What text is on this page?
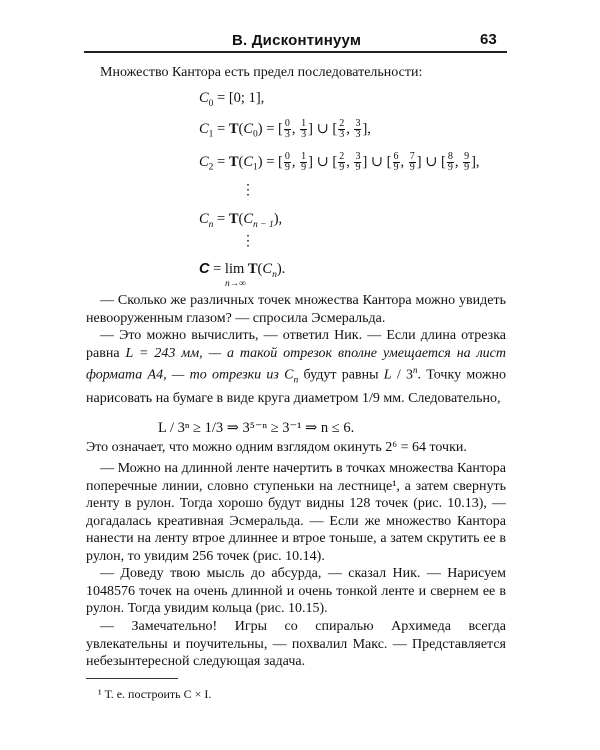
В. Дисконтинуум	63
Множество Кантора есть предел последовательности:
$C_0 = [0$; 1],
$C_1 = T(C_0)$ = [ $\frac{0}{3}$ , $\frac{1}{3}$ ] ∪ [ $\frac{2}{3}$ , $\frac{3}{3}$ ],
$C_2 = T(C_1)$ = [ $\frac{0}{9}$ , $\frac{1}{9}$ ] ∪ [ $\frac{2}{9}$ , $\frac{3}{9}$ ] ∪ [ $\frac{6}{9}$ , $\frac{7}{9}$ ] ∪ [ $\frac{8}{9}$ , $\frac{9}{9}$ ],
⋮
$C_n = T(C_{n - 1})$,
⋮
$C = \lim T(C_n)$.
n→∞
— Сколько же различных точек множества Кантора можно увидеть невооруженным глазом? — спросила Эсмеральда.
— Это можно вычислить, — ответил Ник. — Если длина отрезка равна L = 243 мм, — а такой отрезок вполне умещается на лист формата А4, — то отрезки из $C_n$ будут равны L / 3$^n$. Точку можно нарисовать на бумаге в виде круга диаметром 1/9 мм. Следовательно,
L / 3ⁿ ≥ 1/3 ⇒ 3⁵⁻ⁿ ≥ 3⁻¹ ⇒ n ≤ 6.
Это означает, что можно одним взглядом окинуть 2⁶ = 64 точки.
— Можно на длинной ленте начертить в точках множества Канторa поперечные линии, словно ступеньки на лестнице¹, а затем свернуть ленту в рулон. Тогда хорошо будут видны 128 точек (рис. 10.13), — догадалась креативная Эсмеральда. — Если же множество Кантора нанести на ленту втрое длиннее и втрое тоньше, а затем скрутить ее в рулон, то увидим 256 точек (рис. 10.14).
— Доведу твою мысль до абсурда, — сказал Ник. — Нарисуем 1048576 точек на очень длинной и очень тонкой ленте и свернем ее в рулон. Тогда увидим кольца (рис. 10.15).
— Замечательно! Игры со спиралью Архимеда всегда увлекательны и поучительны, — похвалил Макс. — Представляется небезынтересной следующая задача.
¹ Т. е. построить C × I.
